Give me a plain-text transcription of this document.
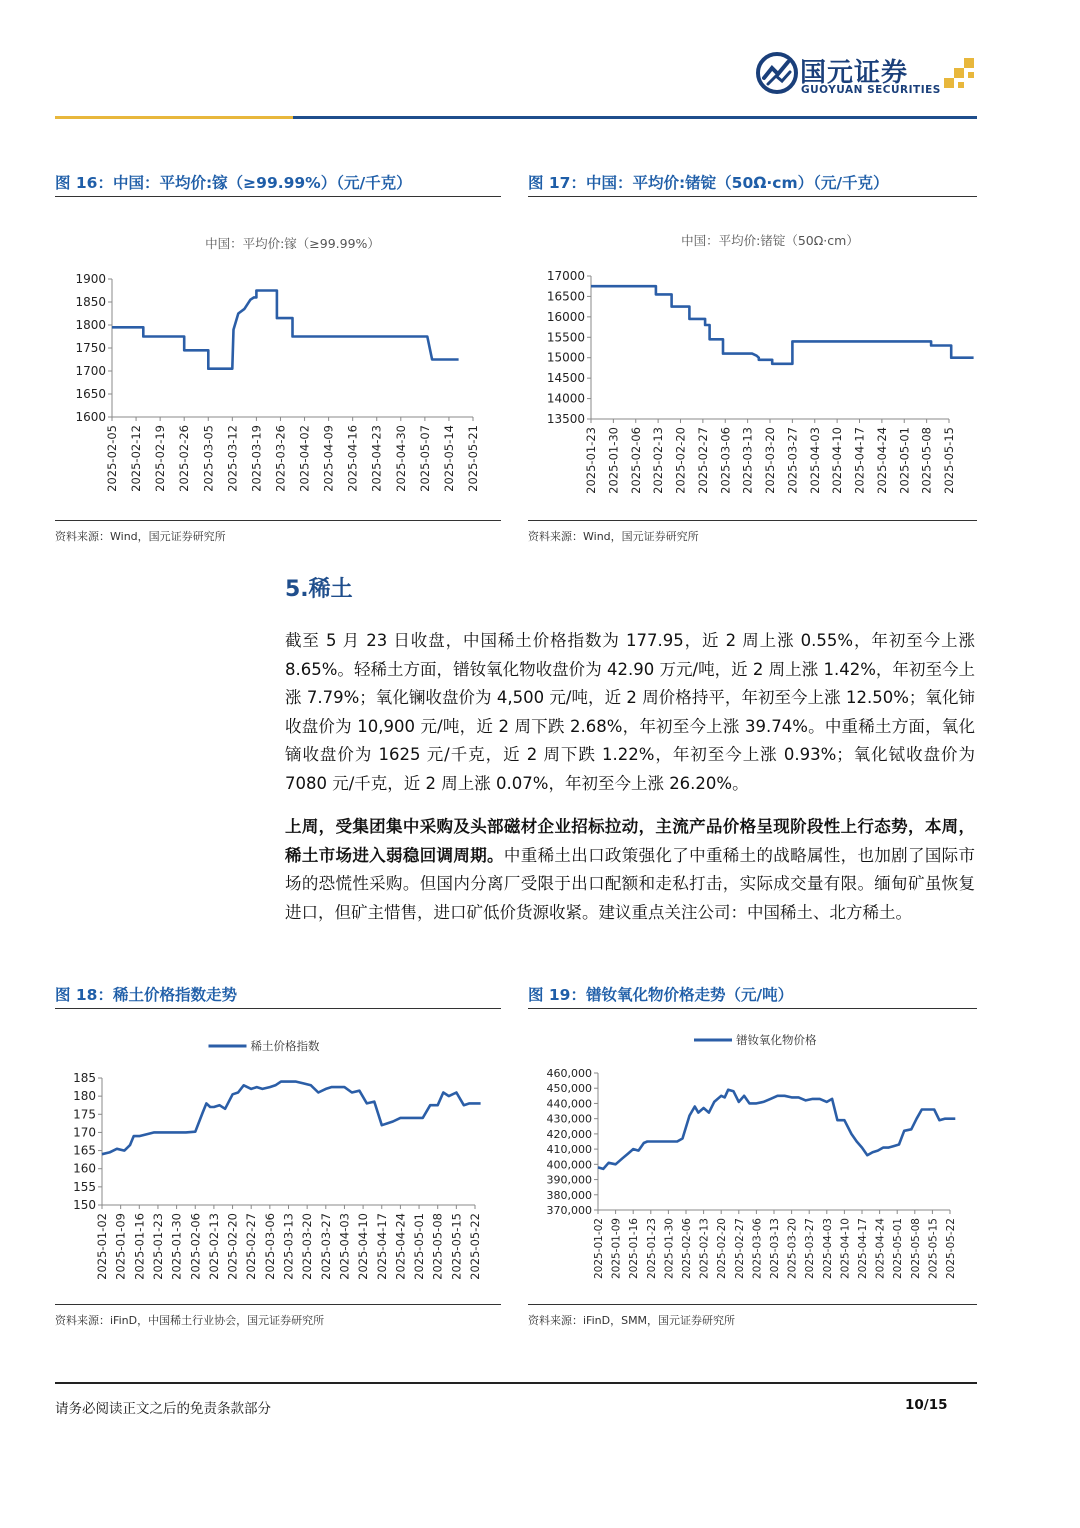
国元证券
GUOYUAN SECURITIES
图 16：中国：平均价:镓（≥99.99%）（元/千克）
中国：平均价:镓（≥99.99%）
1900
1850
1800
1750
1700
1650
1600
2025-02-05 2025-02-12 2025-02-19 2025-02-26 2025-03-05 2025-03-12 2025-03-19 2025-03-26 2025-04-02 2025-04-09 2025-04-16 2025-04-23 2025-04-30 2025-05-07 2025-05-14 2025-05-21
资料来源：Wind，国元证券研究所
图 17：中国：平均价:锗锭（50Ω·cm）（元/千克）
中国：平均价:锗锭（50Ω·cm）
17000
16500
16000
15500
15000
14500
14000
13500
2025-01-23 2025-01-30 2025-02-06 2025-02-13 2025-02-20 2025-02-27 2025-03-06 2025-03-13 2025-03-20 2025-03-27 2025-04-03 2025-04-10 2025-04-17 2025-04-24 2025-05-01 2025-05-08 2025-05-15
资料来源：Wind，国元证券研究所
5.稀土
截至 5 月 23 日收盘，中国稀土价格指数为 177.95，近 2 周上涨 0.55%，年初至今上涨 8.65%。轻稀土方面，镨钕氧化物收盘价为 42.90 万元/吨，近 2 周上涨 1.42%，年初至今上涨 7.79%；氧化镧收盘价为 4,500 元/吨，近 2 周价格持平，年初至今上涨 12.50%；氧化铈收盘价为 10,900 元/吨，近 2 周下跌 2.68%，年初至今上涨 39.74%。中重稀土方面，氧化镝收盘价为 1625 元/千克，近 2 周下跌 1.22%，年初至今上涨 0.93%；氧化铽收盘价为 7080 元/千克，近 2 周上涨 0.07%，年初至今上涨 26.20%。
上周，受集团集中采购及头部磁材企业招标拉动，主流产品价格呈现阶段性上行态势，本周，稀土市场进入弱稳回调周期。中重稀土出口政策强化了中重稀土的战略属性，也加剧了国际市场的恐慌性采购。但国内分离厂受限于出口配额和走私打击，实际成交量有限。缅甸矿虽恢复进口，但矿主惜售，进口矿低价货源收紧。建议重点关注公司：中国稀土、北方稀土。
图 18：稀土价格指数走势
稀土价格指数
185
180
175
170
165
160
155
150
2025-01-02 2025-01-09 2025-01-16 2025-01-23 2025-01-30 2025-02-06 2025-02-13 2025-02-20 2025-02-27 2025-03-06 2025-03-13 2025-03-20 2025-03-27 2025-04-03 2025-04-10 2025-04-17 2025-04-24 2025-05-01 2025-05-08 2025-05-15 2025-05-22
资料来源：iFinD，中国稀土行业协会，国元证券研究所
图 19：镨钕氧化物价格走势（元/吨）
镨钕氧化物价格
460,000
450,000
440,000
430,000
420,000
410,000
400,000
390,000
380,000
370,000
2025-01-02 2025-01-09 2025-01-16 2025-01-23 2025-01-30 2025-02-06 2025-02-13 2025-02-20 2025-02-27 2025-03-06 2025-03-13 2025-03-20 2025-03-27 2025-04-03 2025-04-10 2025-04-17 2025-04-24 2025-05-01 2025-05-08 2025-05-15 2025-05-22
资料来源：iFinD，SMM，国元证券研究所
请务必阅读正文之后的免责条款部分	10/15
